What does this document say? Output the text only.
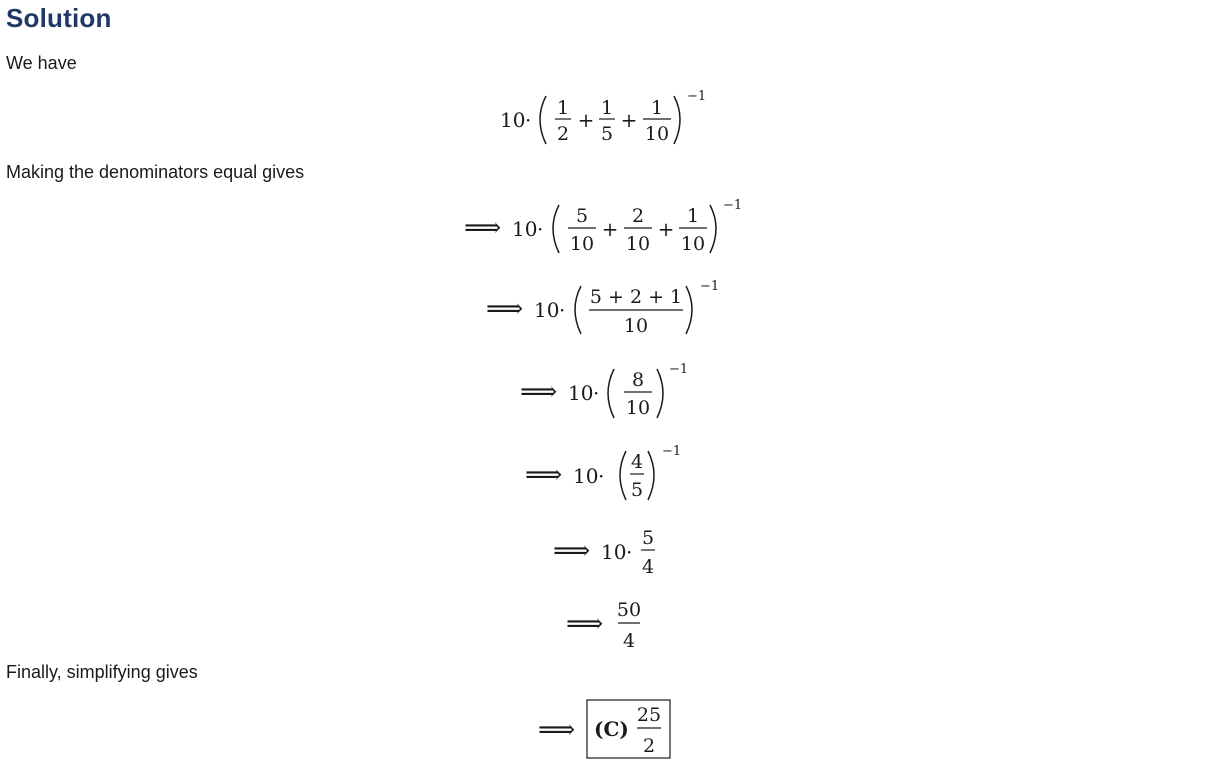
Solution

We have

10 · 1
2
+ 1
5
+ 1
10
−1

Making the denominators equal gives

⟹ 10 ·
5
10
+
2
10
+
1
10
−1
⟹ 10 ·
5 + 2 + 1
10
−1
⟹ 10 ·
8
10
−1
⟹ 10 ·
4
5
−1
⟹ 10 ·
5
4
⟹ 50
4

Finally, simplifying gives

⟹ (C)
25
2
